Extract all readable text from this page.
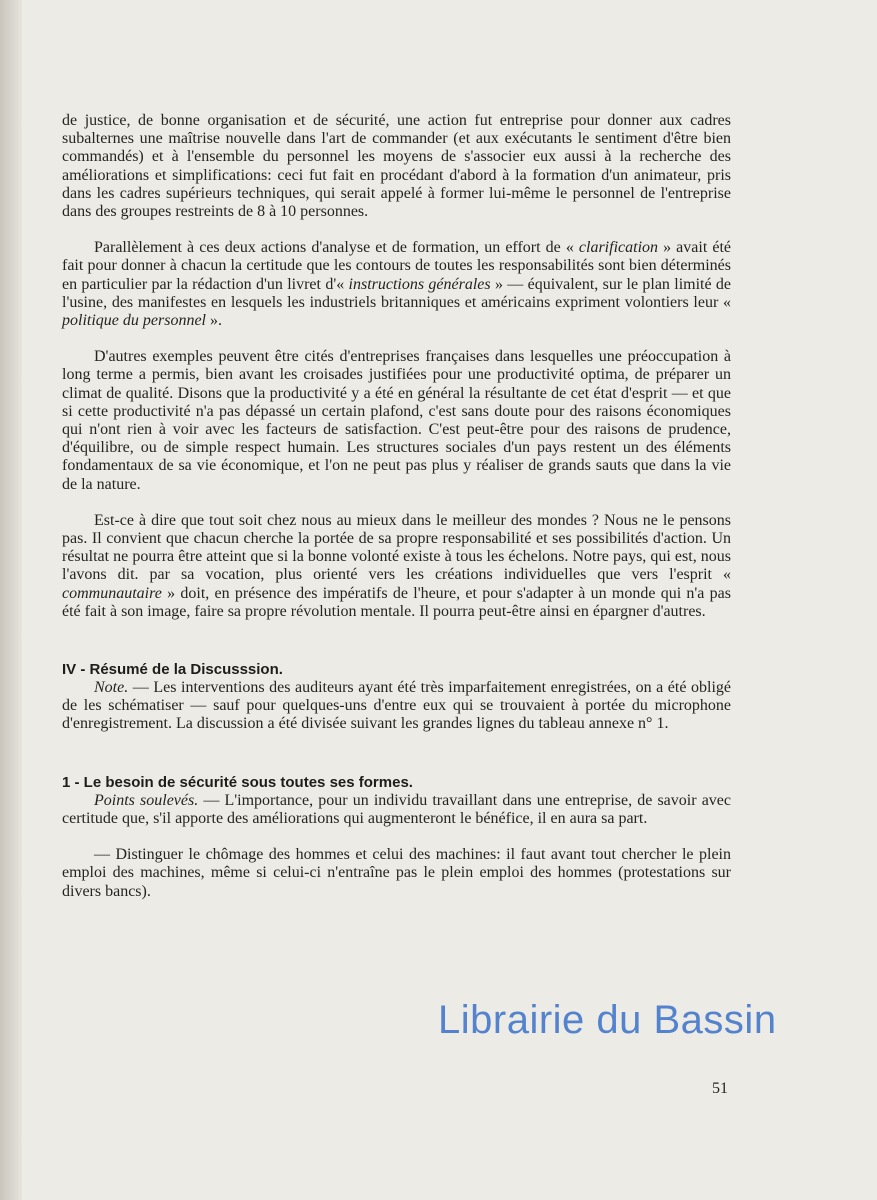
de justice, de bonne organisation et de sécurité, une action fut entreprise pour donner aux cadres subalternes une maîtrise nouvelle dans l'art de commander (et aux exécutants le sentiment d'être bien commandés) et à l'ensemble du personnel les moyens de s'associer eux aussi à la recherche des améliorations et simplifications: ceci fut fait en procédant d'abord à la formation d'un animateur, pris dans les cadres supérieurs techniques, qui serait appelé à former lui-même le personnel de l'entreprise dans des groupes restreints de 8 à 10 personnes.

Parallèlement à ces deux actions d'analyse et de formation, un effort de « clarification » avait été fait pour donner à chacun la certitude que les contours de toutes les responsabilités sont bien déterminés en particulier par la rédaction d'un livret d'« instructions générales » — équivalent, sur le plan limité de l'usine, des manifestes en lesquels les industriels britanniques et américains expriment volontiers leur « politique du personnel ».

D'autres exemples peuvent être cités d'entreprises françaises dans lesquelles une préoccupation à long terme a permis, bien avant les croisades justifiées pour une productivité optima, de préparer un climat de qualité. Disons que la productivité y a été en général la résultante de cet état d'esprit — et que si cette productivité n'a pas dépassé un certain plafond, c'est sans doute pour des raisons économiques qui n'ont rien à voir avec les facteurs de satisfaction. C'est peut-être pour des raisons de prudence, d'équilibre, ou de simple respect humain. Les structures sociales d'un pays restent un des éléments fondamentaux de sa vie économique, et l'on ne peut pas plus y réaliser de grands sauts que dans la vie de la nature.

Est-ce à dire que tout soit chez nous au mieux dans le meilleur des mondes ? Nous ne le pensons pas. Il convient que chacun cherche la portée de sa propre responsabilité et ses possibilités d'action. Un résultat ne pourra être atteint que si la bonne volonté existe à tous les échelons. Notre pays, qui est, nous l'avons dit. par sa vocation, plus orienté vers les créations individuelles que vers l'esprit « communautaire » doit, en présence des impératifs de l'heure, et pour s'adapter à un monde qui n'a pas été fait à son image, faire sa propre révolution mentale. Il pourra peut-être ainsi en épargner d'autres.

IV - Résumé de la Discusssion.

Note. — Les interventions des auditeurs ayant été très imparfaitement enregistrées, on a été obligé de les schématiser — sauf pour quelques-uns d'entre eux qui se trouvaient à portée du microphone d'enregistrement. La discussion a été divisée suivant les grandes lignes du tableau annexe n° 1.

1 - Le besoin de sécurité sous toutes ses formes.

Points soulevés. — L'importance, pour un individu travaillant dans une entreprise, de savoir avec certitude que, s'il apporte des améliorations qui augmenteront le bénéfice, il en aura sa part.

— Distinguer le chômage des hommes et celui des machines: il faut avant tout chercher le plein emploi des machines, même si celui-ci n'entraîne pas le plein emploi des hommes (protestations sur divers bancs).

51
Librairie du Bassin
